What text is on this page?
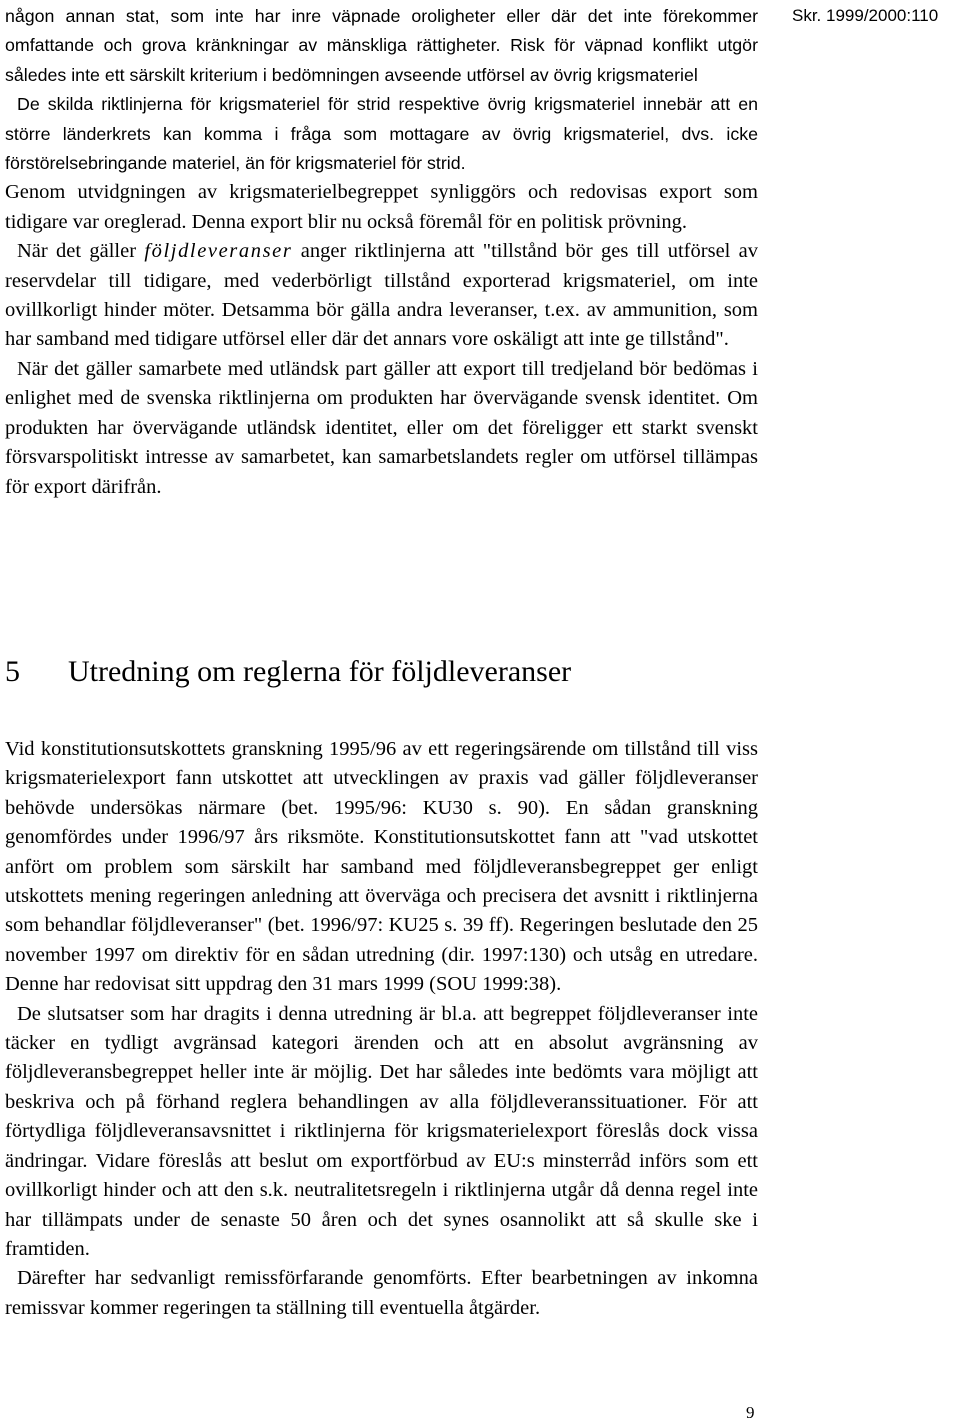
Skr. 1999/2000:110

någon annan stat, som inte har inre väpnade oroligheter eller där det inte förekommer omfattande och grova kränkningar av mänskliga rättigheter. Risk för väpnad konflikt utgör således inte ett särskilt kriterium i bedömningen avseende utförsel av övrig krigsmateriel

De skilda riktlinjerna för krigsmateriel för strid respektive övrig krigsmateriel innebär att en större länderkrets kan komma i fråga som mottagare av övrig krigsmateriel, dvs. icke förstörelsebringande materiel, än för krigsmateriel för strid.

Genom utvidgningen av krigsmaterielbegreppet synliggörs och redovisas export som tidigare var oreglerad. Denna export blir nu också föremål för en politisk prövning.

När det gäller följdleveranser anger riktlinjerna att "tillstånd bör ges till utförsel av reservdelar till tidigare, med vederbörligt tillstånd exporterad krigsmateriel, om inte ovillkorligt hinder möter. Detsamma bör gälla andra leveranser, t.ex. av ammunition, som har samband med tidigare utförsel eller där det annars vore oskäligt att inte ge tillstånd".

När det gäller samarbete med utländsk part gäller att export till tredjeland bör bedömas i enlighet med de svenska riktlinjerna om produkten har övervägande svensk identitet. Om produkten har övervägande utländsk identitet, eller om det föreligger ett starkt svenskt försvarspolitiskt intresse av samarbetet, kan samarbetslandets regler om utförsel tillämpas för export därifrån.

5 Utredning om reglerna för följdleveranser

Vid konstitutionsutskottets granskning 1995/96 av ett regeringsärende om tillstånd till viss krigsmaterielexport fann utskottet att utvecklingen av praxis vad gäller följdleveranser behövde undersökas närmare (bet. 1995/96: KU30 s. 90). En sådan granskning genomfördes under 1996/97 års riksmöte. Konstitutionsutskottet fann att "vad utskottet anfört om problem som särskilt har samband med följdleveransbegreppet ger enligt utskottets mening regeringen anledning att överväga och precisera det avsnitt i riktlinjerna som behandlar följdleveranser" (bet. 1996/97: KU25 s. 39 ff). Regeringen beslutade den 25 november 1997 om direktiv för en sådan utredning (dir. 1997:130) och utsåg en utredare. Denne har redovisat sitt uppdrag den 31 mars 1999 (SOU 1999:38).

De slutsatser som har dragits i denna utredning är bl.a. att begreppet följdleveranser inte täcker en tydligt avgränsad kategori ärenden och att en absolut avgränsning av följdleveransbegreppet heller inte är möjlig. Det har således inte bedömts vara möjligt att beskriva och på förhand reglera behandlingen av alla följdleveranssituationer. För att förtydliga följdleveransavsnittet i riktlinjerna för krigsmaterielexport föreslås dock vissa ändringar. Vidare föreslås att beslut om exportförbud av EU:s minsterråd införs som ett ovillkorligt hinder och att den s.k. neutralitetsregeln i riktlinjerna utgår då denna regel inte har tillämpats under de senaste 50 åren och det synes osannolikt att så skulle ske i framtiden.

Därefter har sedvanligt remissförfarande genomförts. Efter bearbetningen av inkomna remissvar kommer regeringen ta ställning till eventuella åtgärder.

9
